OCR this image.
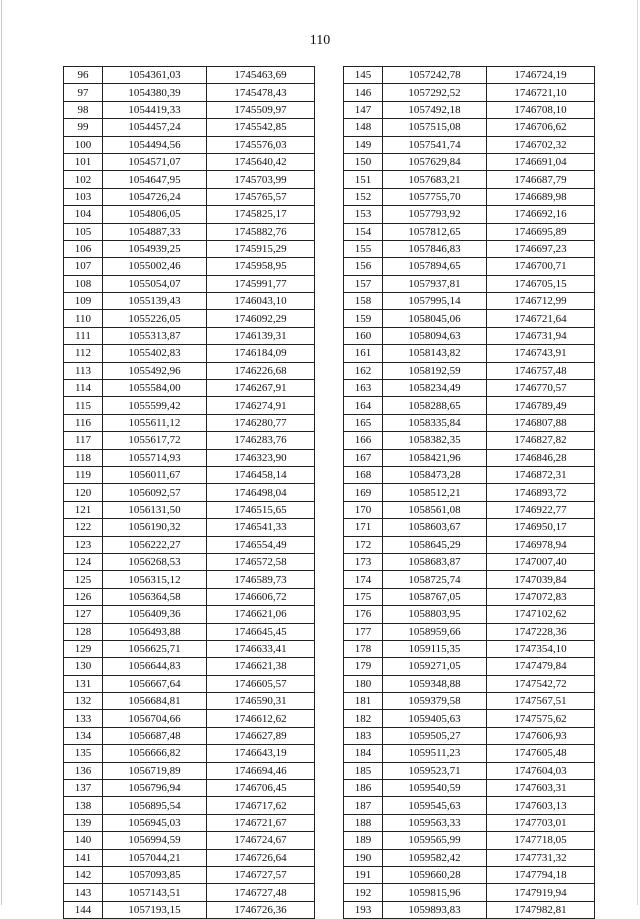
110
96	1054361,03	1745463,69
97	1054380,39	1745478,43
98	1054419,33	1745509,97
99	1054457,24	1745542,85
100	1054494,56	1745576,03
101	1054571,07	1745640,42
102	1054647,95	1745703,99
103	1054726,24	1745765,57
104	1054806,05	1745825,17
105	1054887,33	1745882,76
106	1054939,25	1745915,29
107	1055002,46	1745958,95
108	1055054,07	1745991,77
109	1055139,43	1746043,10
110	1055226,05	1746092,29
111	1055313,87	1746139,31
112	1055402,83	1746184,09
113	1055492,96	1746226,68
114	1055584,00	1746267,91
115	1055599,42	1746274,91
116	1055611,12	1746280,77
117	1055617,72	1746283,76
118	1055714,93	1746323,90
119	1056011,67	1746458,14
120	1056092,57	1746498,04
121	1056131,50	1746515,65
122	1056190,32	1746541,33
123	1056222,27	1746554,49
124	1056268,53	1746572,58
125	1056315,12	1746589,73
126	1056364,58	1746606,72
127	1056409,36	1746621,06
128	1056493,88	1746645,45
129	1056625,71	1746633,41
130	1056644,83	1746621,38
131	1056667,64	1746605,57
132	1056684,81	1746590,31
133	1056704,66	1746612,62
134	1056687,48	1746627,89
135	1056666,82	1746643,19
136	1056719,89	1746694,46
137	1056796,94	1746706,45
138	1056895,54	1746717,62
139	1056945,03	1746721,67
140	1056994,59	1746724,67
141	1057044,21	1746726,64
142	1057093,85	1746727,57
143	1057143,51	1746727,48
144	1057193,15	1746726,36
145	1057242,78	1746724,19
146	1057292,52	1746721,10
147	1057492,18	1746708,10
148	1057515,08	1746706,62
149	1057541,74	1746702,32
150	1057629,84	1746691,04
151	1057683,21	1746687,79
152	1057755,70	1746689,98
153	1057793,92	1746692,16
154	1057812,65	1746695,89
155	1057846,83	1746697,23
156	1057894,65	1746700,71
157	1057937,81	1746705,15
158	1057995,14	1746712,99
159	1058045,06	1746721,64
160	1058094,63	1746731,94
161	1058143,82	1746743,91
162	1058192,59	1746757,48
163	1058234,49	1746770,57
164	1058288,65	1746789,49
165	1058335,84	1746807,88
166	1058382,35	1746827,82
167	1058421,96	1746846,28
168	1058473,28	1746872,31
169	1058512,21	1746893,72
170	1058561,08	1746922,77
171	1058603,67	1746950,17
172	1058645,29	1746978,94
173	1058683,87	1747007,40
174	1058725,74	1747039,84
175	1058767,05	1747072,83
176	1058803,95	1747102,62
177	1058959,66	1747228,36
178	1059115,35	1747354,10
179	1059271,05	1747479,84
180	1059348,88	1747542,72
181	1059379,58	1747567,51
182	1059405,63	1747575,62
183	1059505,27	1747606,93
184	1059511,23	1747605,48
185	1059523,71	1747604,03
186	1059540,59	1747603,31
187	1059545,63	1747603,13
188	1059563,33	1747703,01
189	1059565,99	1747718,05
190	1059582,42	1747731,32
191	1059660,28	1747794,18
192	1059815,96	1747919,94
193	1059893,83	1747982,81
